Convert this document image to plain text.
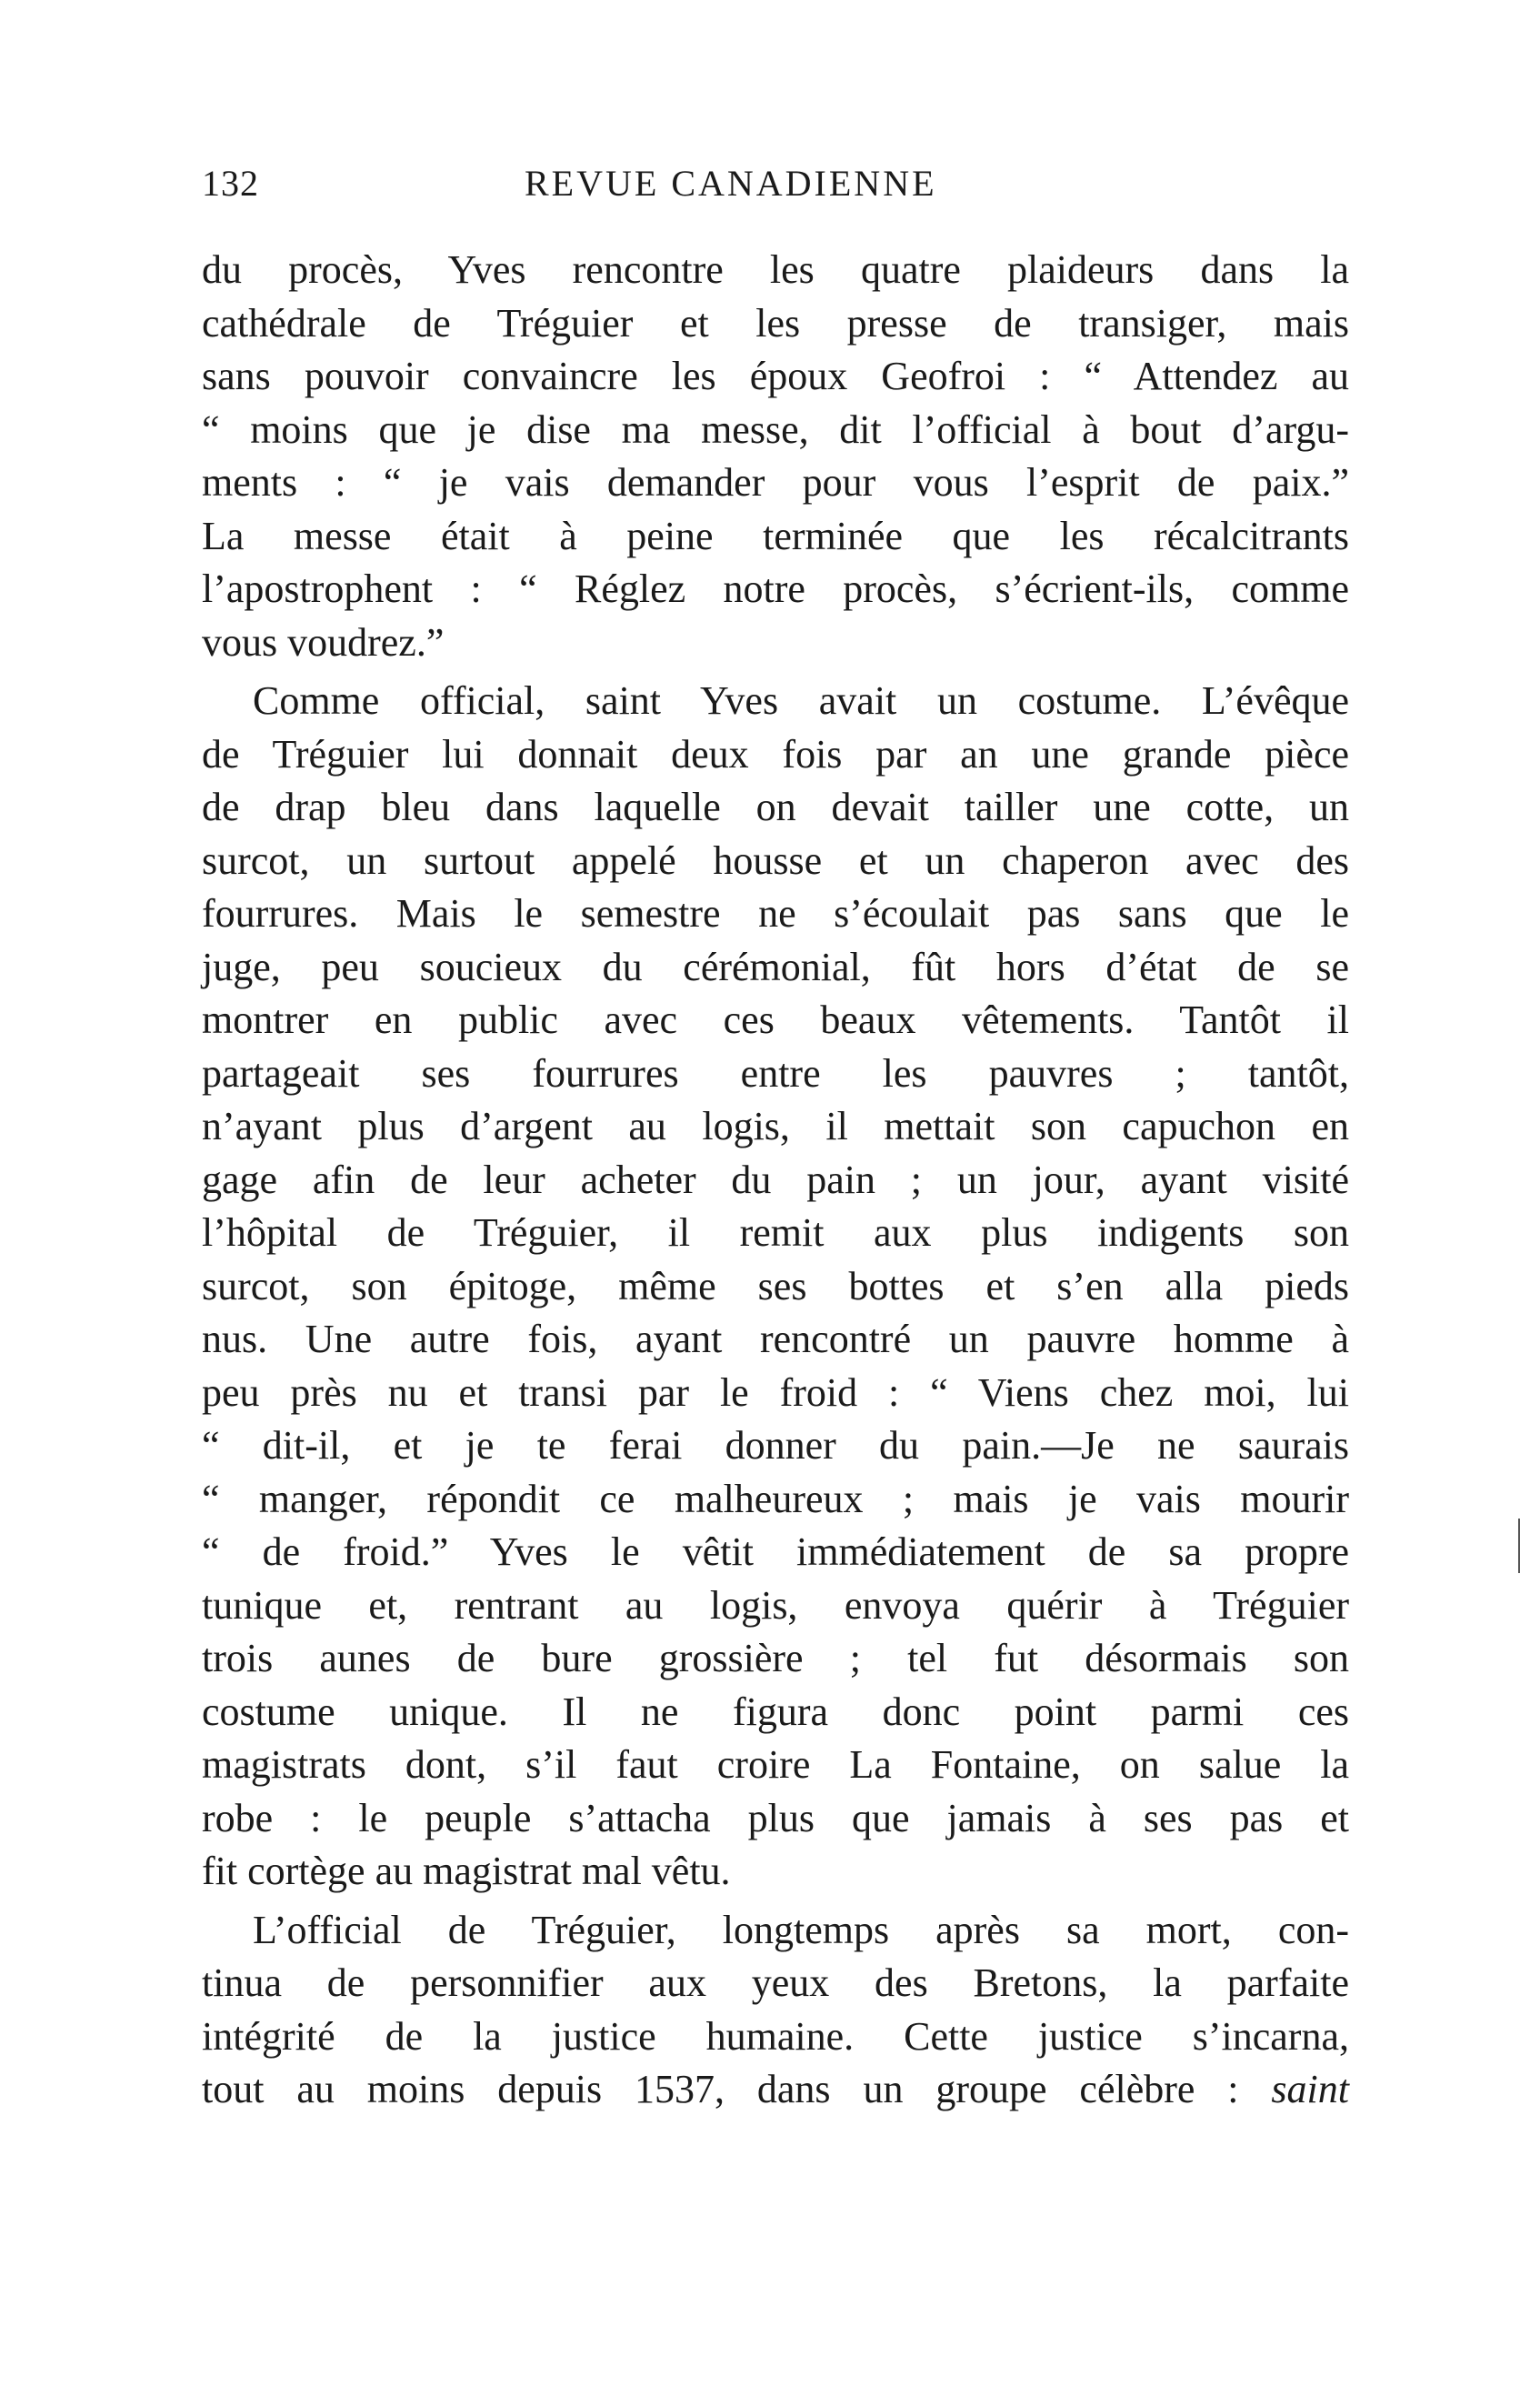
132	REVUE CANADIENNE
du procès, Yves rencontre les quatre plaideurs dans la
cathédrale de Tréguier et les presse de transiger, mais
sans pouvoir convaincre les époux Geofroi : “ Attendez au
“ moins que je dise ma messe, dit l’official à bout d’argu-
ments : “ je vais demander pour vous l’esprit de paix.”
La messe était à peine terminée que les récalcitrants
l’apostrophent : “ Réglez notre procès, s’écrient-ils, comme
vous voudrez.”
Comme official, saint Yves avait un costume. L’évêque
de Tréguier lui donnait deux fois par an une grande pièce
de drap bleu dans laquelle on devait tailler une cotte, un
surcot, un surtout appelé housse et un chaperon avec des
fourrures. Mais le semestre ne s’écoulait pas sans que le
juge, peu soucieux du cérémonial, fût hors d’état de se
montrer en public avec ces beaux vêtements. Tantôt il
partageait ses fourrures entre les pauvres ; tantôt,
n’ayant plus d’argent au logis, il mettait son capuchon en
gage afin de leur acheter du pain ; un jour, ayant visité
l’hôpital de Tréguier, il remit aux plus indigents son
surcot, son épitoge, même ses bottes et s’en alla pieds
nus. Une autre fois, ayant rencontré un pauvre homme à
peu près nu et transi par le froid : “ Viens chez moi, lui
“ dit-il, et je te ferai donner du pain.—Je ne saurais
“ manger, répondit ce malheureux ; mais je vais mourir
“ de froid.” Yves le vêtit immédiatement de sa propre
tunique et, rentrant au logis, envoya quérir à Tréguier
trois aunes de bure grossière ; tel fut désormais son
costume unique. Il ne figura donc point parmi ces
magistrats dont, s’il faut croire La Fontaine, on salue la
robe : le peuple s’attacha plus que jamais à ses pas et
fit cortège au magistrat mal vêtu.
L’official de Tréguier, longtemps après sa mort, con-
tinua de personnifier aux yeux des Bretons, la parfaite
intégrité de la justice humaine. Cette justice s’incarna,
tout au moins depuis 1537, dans un groupe célèbre : saint
